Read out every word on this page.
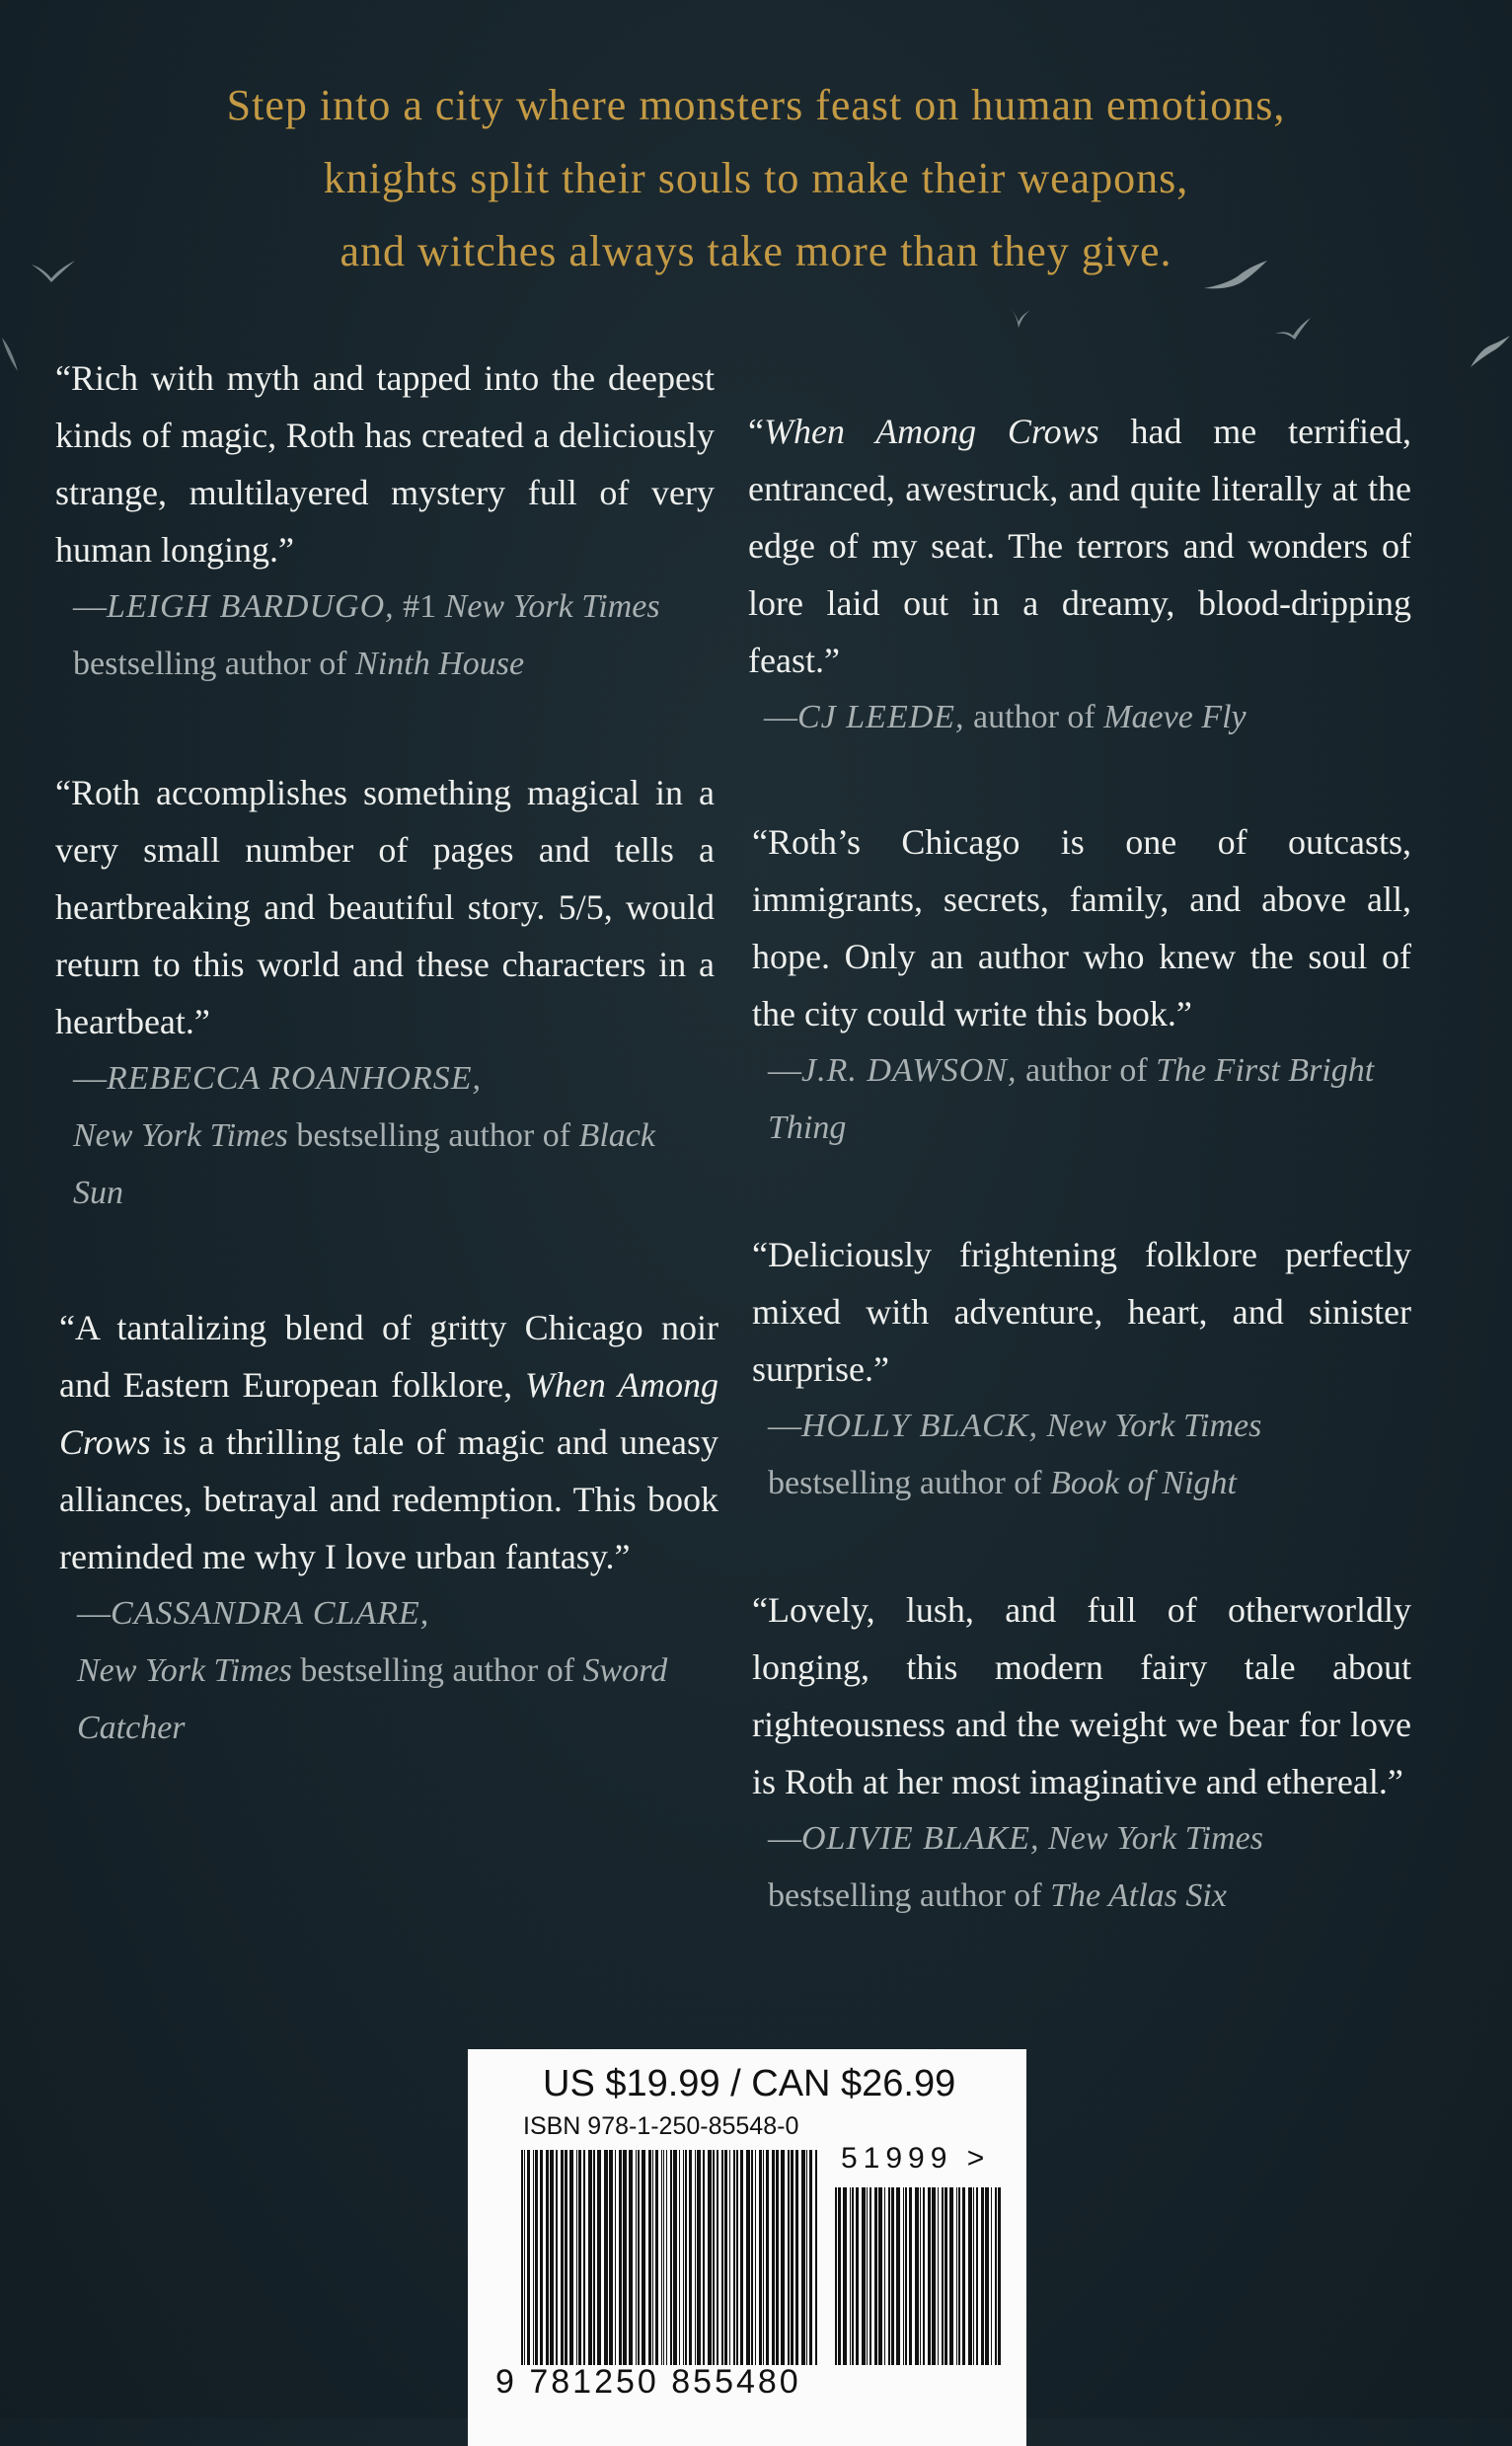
Step into a city where monsters feast on human emotions,
knights split their souls to make their weapons,
and witches always take more than they give.
“Rich with myth and tapped into the deepest kinds of magic, Roth has created a deliciously strange, multilayered mystery full of very human longing.”
—LEIGH BARDUGO, #1 New York Times bestselling author of Ninth House
“Roth accomplishes something magical in a very small number of pages and tells a heartbreaking and beautiful story. 5/5, would return to this world and these characters in a heartbeat.”
—REBECCA ROANHORSE,
New York Times bestselling author of Black Sun
“A tantalizing blend of gritty Chicago noir and Eastern European folklore, When Among Crows is a thrilling tale of magic and uneasy alliances, betrayal and redemption. This book reminded me why I love urban fantasy.”
—CASSANDRA CLARE,
New York Times bestselling author of Sword Catcher
“When Among Crows had me terrified, entranced, awestruck, and quite literally at the edge of my seat. The terrors and wonders of lore laid out in a dreamy, blood-dripping feast.”
—CJ LEEDE, author of Maeve Fly
“Roth’s Chicago is one of outcasts, immigrants, secrets, family, and above all, hope. Only an author who knew the soul of the city could write this book.”
—J.R. DAWSON, author of The First Bright Thing
“Deliciously frightening folklore perfectly mixed with adventure, heart, and sinister surprise.”
—HOLLY BLACK, New York Times bestselling author of Book of Night
“Lovely, lush, and full of otherworldly longing, this modern fairy tale about righteousness and the weight we bear for love is Roth at her most imaginative and ethereal.”
—OLIVIE BLAKE, New York Times bestselling author of The Atlas Six
US $19.99 / CAN $26.99
ISBN 978-1-250-85548-0
51999 >
9 781250 855480
